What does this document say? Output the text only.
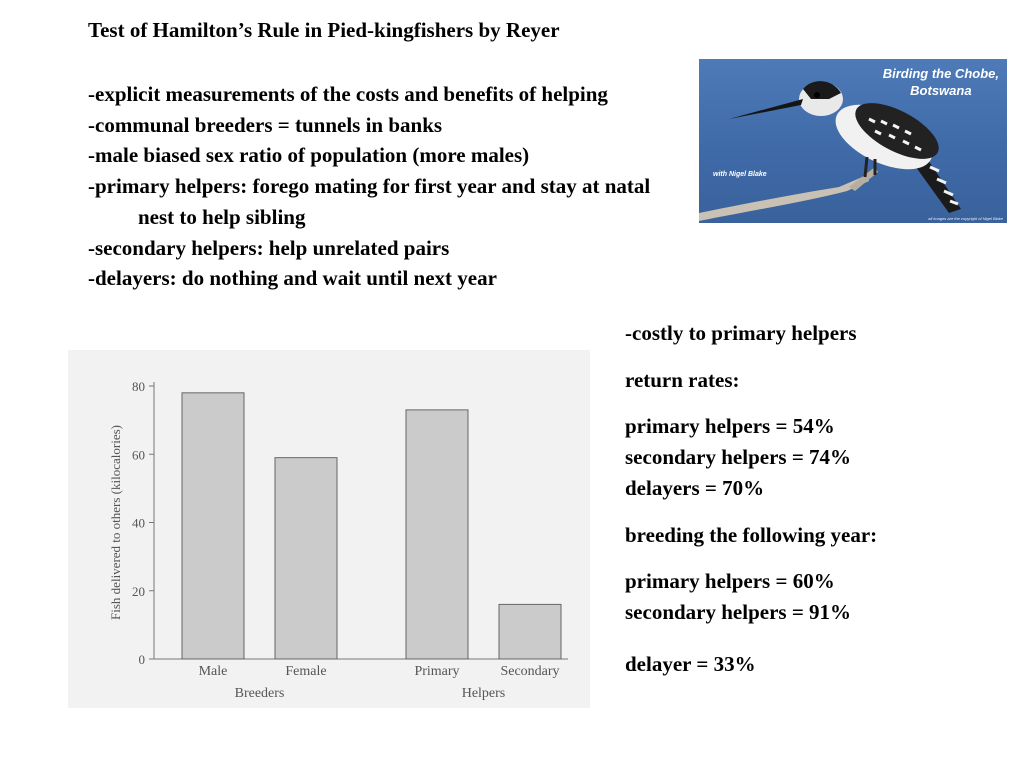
Test of Hamilton’s Rule in Pied-kingfishers by Reyer
-explicit measurements of the costs and benefits of helping
-communal breeders = tunnels in banks
-male biased sex ratio of population (more males)
-primary helpers: forego mating for first year and stay at natal nest to help sibling
-secondary helpers: help unrelated pairs
-delayers: do nothing and wait until next year
Birding the Chobe,
Botswana
with Nigel Blake
all images are the copyright of Nigel Blake

-costly to primary helpers

return rates:

primary helpers = 54%

secondary helpers = 74%

delayers = 70%

breeding the following year:

primary helpers = 60%

secondary helpers = 91%

delayer = 33%

0
20
40
60
80
Fish delivered to others (kilocalories)
Male	Female	Primary	Secondary
Breeders	Helpers
